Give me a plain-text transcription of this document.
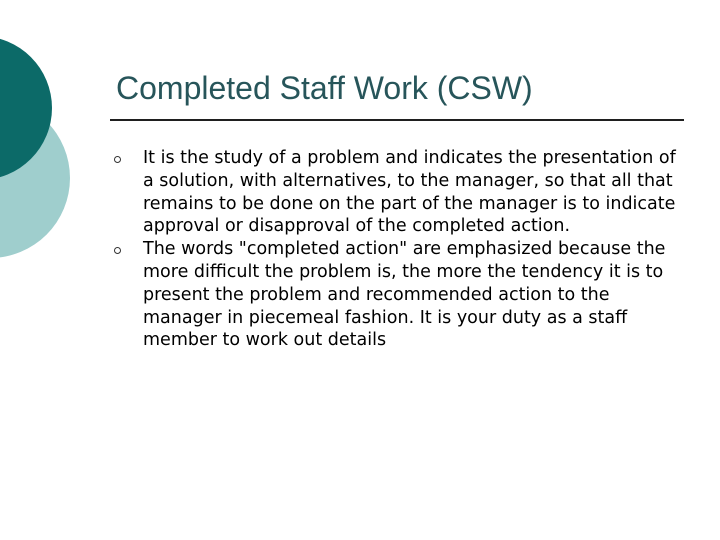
Completed Staff Work (CSW)
It is the study of a problem and indicates the presentation of a solution, with alternatives, to the manager, so that all that remains to be done on the part of the manager is to indicate approval or disapproval of the completed action.
The words "completed action" are emphasized because the more difficult the problem is, the more the tendency it is to present the problem and recommended action to the manager in piecemeal fashion. It is your duty as a staff member to work out details
